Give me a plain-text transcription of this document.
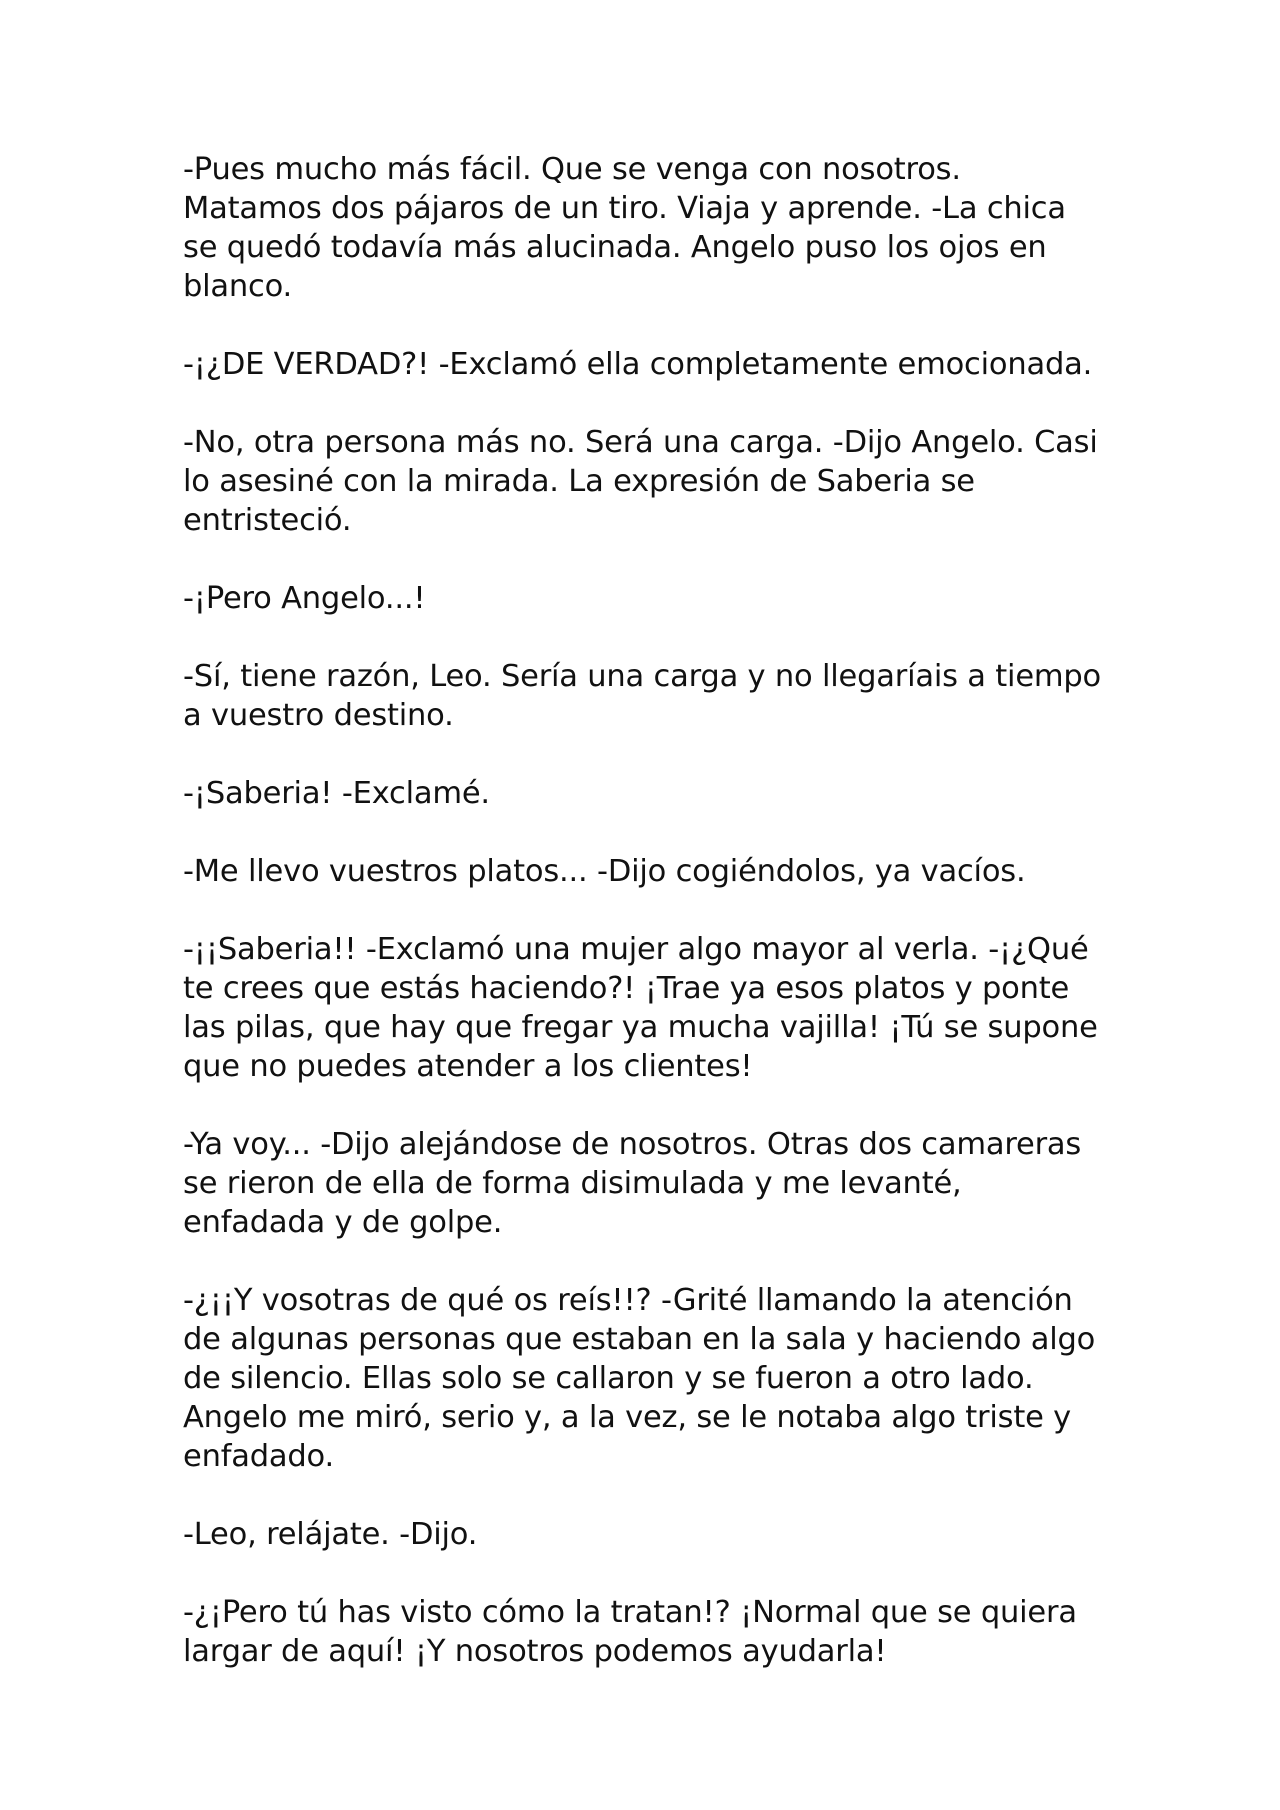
-Pues mucho más fácil. Que se venga con nosotros. Matamos dos pájaros de un tiro. Viaja y aprende. -La chica se quedó todavía más alucinada. Angelo puso los ojos en blanco.

-¡¿DE VERDAD?! -Exclamó ella completamente emocionada.

-No, otra persona más no. Será una carga. -Dijo Angelo. Casi lo asesiné con la mirada. La expresión de Saberia se entristeció.

-¡Pero Angelo...!

-Sí, tiene razón, Leo. Sería una carga y no llegaríais a tiempo a vuestro destino.

-¡Saberia! -Exclamé.

-Me llevo vuestros platos... -Dijo cogiéndolos, ya vacíos.

-¡¡Saberia!! -Exclamó una mujer algo mayor al verla. -¡¿Qué te crees que estás haciendo?! ¡Trae ya esos platos y ponte las pilas, que hay que fregar ya mucha vajilla! ¡Tú se supone que no puedes atender a los clientes!

-Ya voy... -Dijo alejándose de nosotros. Otras dos camareras se rieron de ella de forma disimulada y me levanté, enfadada y de golpe.

-¿¡¡Y vosotras de qué os reís!!? -Grité llamando la atención de algunas personas que estaban en la sala y haciendo algo de silencio. Ellas solo se callaron y se fueron a otro lado. Angelo me miró, serio y, a la vez, se le notaba algo triste y enfadado.

-Leo, relájate. -Dijo.

-¿¡Pero tú has visto cómo la tratan!? ¡Normal que se quiera largar de aquí! ¡Y nosotros podemos ayudarla!
